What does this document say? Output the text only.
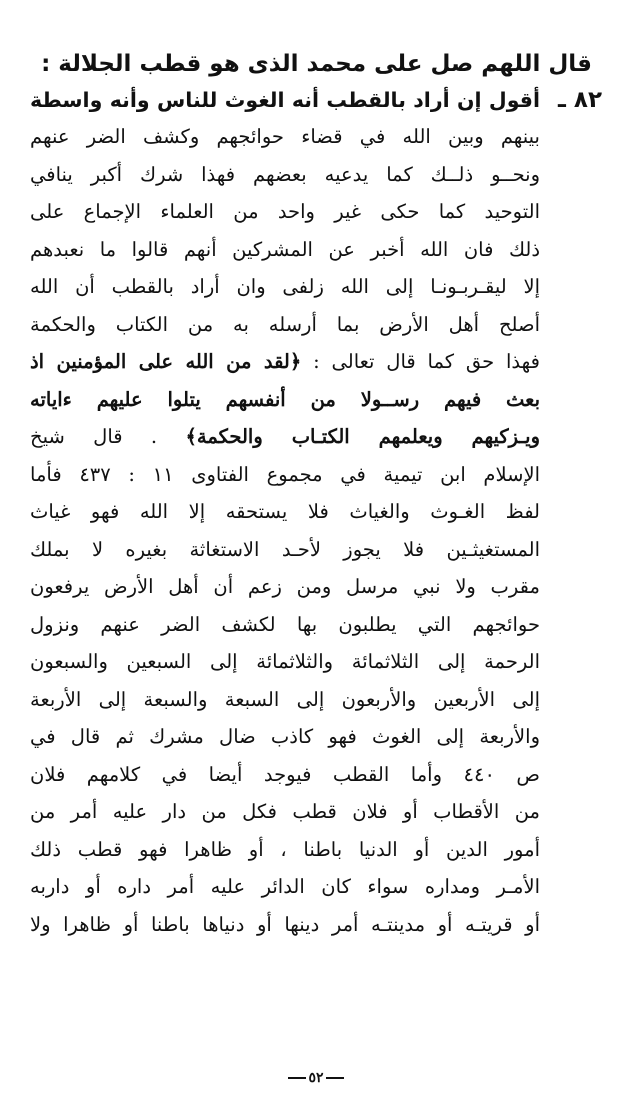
قال اللهم صل على محمد الذى هو قطب الجلالة :
٨٢ ـ
أقول إن أراد بالقطب أنه الغوث للناس وأنه واسطة
بينهم وبين الله في قضاء حوائجهم وكشف الضر عنهم
ونحــو ذلــك كما يدعيه بعضهم فهذا شرك أكبر ينافي
التوحيد كما حكى غير واحد من العلماء الإجماع على
ذلك فان الله أخبر عن المشركين أنهم قالوا ما نعبدهم
إلا ليقـربـونـا إلى الله زلفى وان أراد بالقطب أن الله
أصلح أهل الأرض بما أرسله به من الكتاب والحكمة
فهذا حق كما قال تعالى : ﴿لقد من الله على المؤمنين اذ
بعث فيهم رســولا من أنفسهم يتلوا عليهم ءاياته
ويـزكيهم ويعلمهم الكتـاب والحكمة﴾ . قال شيخ
الإسلام ابن تيمية في مجموع الفتاوى ١١ : ٤٣٧ فأما
لفظ الغـوث والغياث فلا يستحقه إلا الله فهو غياث
المستغيثـين فلا يجوز لأحـد الاستغاثة بغيره لا بملك
مقرب ولا نبي مرسل ومن زعم أن أهل الأرض يرفعون
حوائجهم التي يطلبون بها لكشف الضر عنهم ونزول
الرحمة إلى الثلاثمائة والثلاثمائة إلى السبعين والسبعون
إلى الأربعين والأربعون إلى السبعة والسبعة إلى الأربعة
والأربعة إلى الغوث فهو كاذب ضال مشرك ثم قال في
ص ٤٤٠ وأما القطب فيوجد أيضا في كلامهم فلان
من الأقطاب أو فلان قطب فكل من دار عليه أمر من
أمور الدين أو الدنيا باطنا ، أو ظاهرا فهو قطب ذلك
الأمـر ومداره سواء كان الدائر عليه أمر داره أو داربه
أو قريتـه أو مدينتـه أمر دينها أو دنياها باطنا أو ظاهرا ولا
٥٢
